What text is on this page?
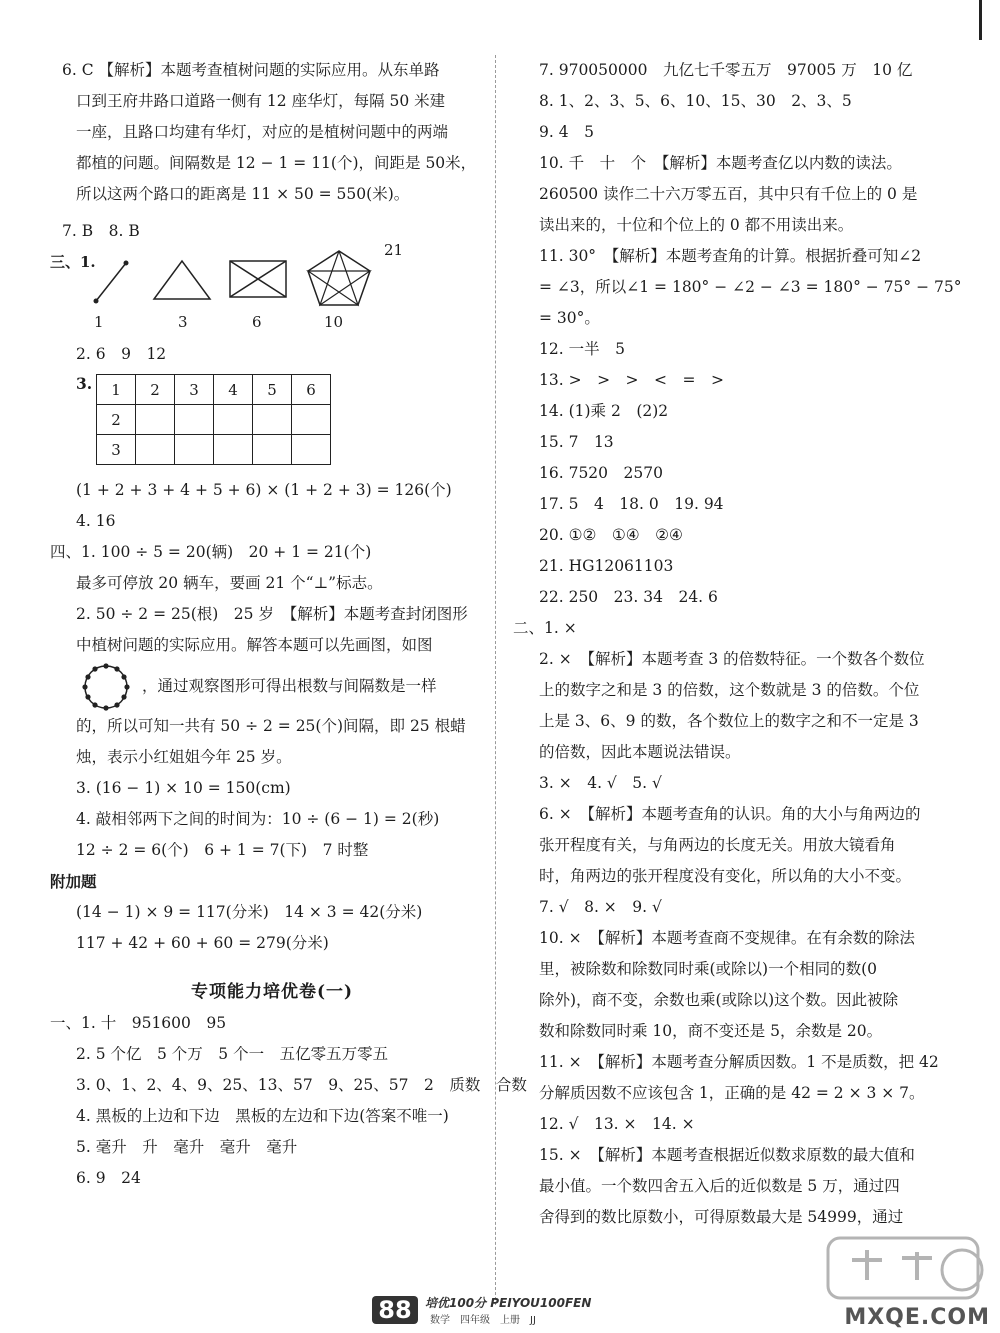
6. C 【解析】本题考查植树问题的实际应用。从东单路
口到王府井路口道路一侧有 12 座华灯，每隔 50 米建
一座，且路口均建有华灯，对应的是植树问题中的两端
都植的问题。间隔数是 12 − 1 = 11(个)，间距是 50米，
所以这两个路口的距离是 11 × 50 = 550(米)。
7. B　8. B
三、1.
1	3	6	10
21
2. 6　9　12
3. 1	2	3	4	5	6
2					
3					
(1 + 2 + 3 + 4 + 5 + 6) × (1 + 2 + 3) = 126(个)
4. 16
四、1. 100 ÷ 5 = 20(辆)　20 + 1 = 21(个)
最多可停放 20 辆车，要画 21 个“⊥”标志。
2. 50 ÷ 2 = 25(根)　25 岁　【解析】本题考查封闭图形
中植树问题的实际应用。解答本题可以先画图，如图
，通过观察图形可得出根数与间隔数是一样
的，所以可知一共有 50 ÷ 2 = 25(个)间隔，即 25 根蜡
烛，表示小红姐姐今年 25 岁。
3. (16 − 1) × 10 = 150(cm)
4. 敲相邻两下之间的时间为：10 ÷ (6 − 1) = 2(秒)
12 ÷ 2 = 6(个)　6 + 1 = 7(下)　7 时整
附加题
(14 − 1) × 9 = 117(分米)　14 × 3 = 42(分米)
117 + 42 + 60 + 60 = 279(分米)
专项能力培优卷(一)
一、1. 十　951600　95
2. 5 个亿　5 个万　5 个一　五亿零五万零五
3. 0、1、2、4、9、25、13、57　9、25、57　2　质数　合数
4. 黑板的上边和下边　黑板的左边和下边(答案不唯一)
5. 毫升　升　毫升　毫升　毫升
6. 9　24
7. 970050000　九亿七千零五万　97005 万　10 亿
8. 1、2、3、5、6、10、15、30　2、3、5
9. 4　5
10. 千　十　个　【解析】本题考查亿以内数的读法。
260500 读作二十六万零五百，其中只有千位上的 0 是
读出来的，十位和个位上的 0 都不用读出来。
11. 30°　【解析】本题考查角的计算。根据折叠可知∠2
= ∠3，所以∠1 = 180° − ∠2 − ∠3 = 180° − 75° − 75°
= 30°。
12. 一半　5
13. >　>　>　<　=　>
14. (1)乘 2　(2)2
15. 7　13
16. 7520　2570
17. 5　4　18. 0　19. 94
20. ①②　①④　②④
21. HG12061103
22. 250　23. 34　24. 6
二、1. ×
2. ×　【解析】本题考查 3 的倍数特征。一个数各个数位
上的数字之和是 3 的倍数，这个数就是 3 的倍数。个位
上是 3、6、9 的数，各个数位上的数字之和不一定是 3
的倍数，因此本题说法错误。
3. ×　4. √　5. √
6. ×　【解析】本题考查角的认识。角的大小与角两边的
张开程度有关，与角两边的长度无关。用放大镜看角
时，角两边的张开程度没有变化，所以角的大小不变。
7. √　8. ×　9. √
10. ×　【解析】本题考查商不变规律。在有余数的除法
里，被除数和除数同时乘(或除以)一个相同的数(0
除外)，商不变，余数也乘(或除以)这个数。因此被除
数和除数同时乘 10，商不变还是 5，余数是 20。
11. ×　【解析】本题考查分解质因数。1 不是质数，把 42
分解质因数不应该包含 1，正确的是 42 = 2 × 3 × 7。
12. √　13. ×　14. ×
15. ×　【解析】本题考查根据近似数求原数的最大值和
最小值。一个数四舍五入后的近似数是 5 万，通过四
舍得到的数比原数小，可得原数最大是 54999，通过
88	培优100分 PEIYOU100FEN
数学　四年级　上册　JJ	MXQE.COM
